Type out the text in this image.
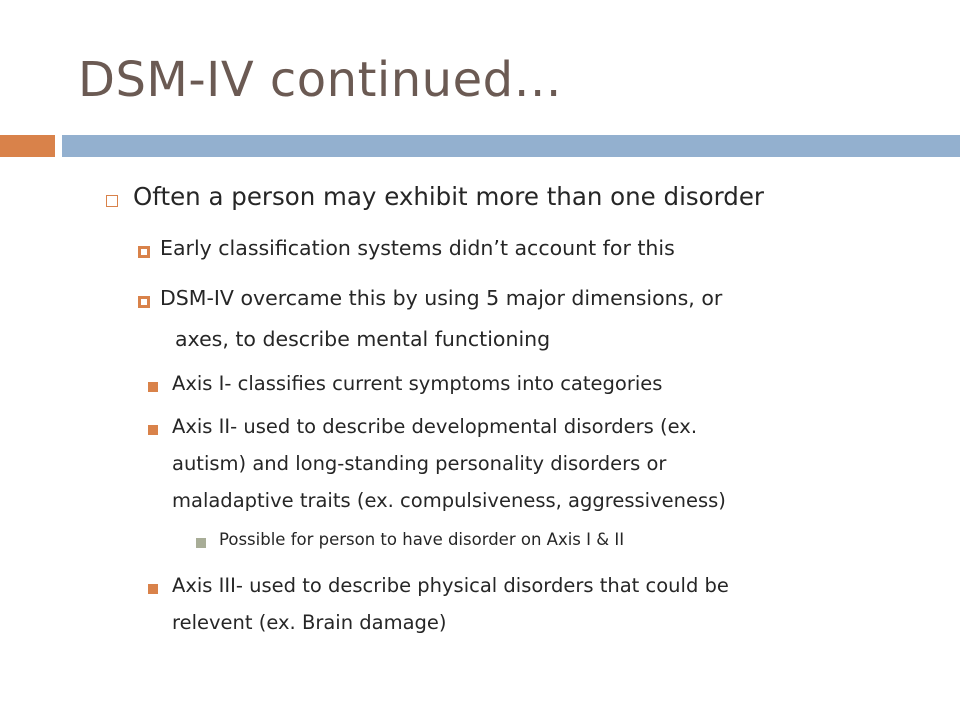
DSM-IV continued…
Often a person may exhibit more than one disorder
Early classification systems didn’t account for this
DSM-IV overcame this by using 5 major dimensions, or
axes, to describe mental functioning
Axis I- classifies current symptoms into categories
Axis II- used to describe developmental disorders (ex.
autism) and long-standing personality disorders or
maladaptive traits (ex. compulsiveness, aggressiveness)
Possible for person to have disorder on Axis I & II
Axis III- used to describe physical disorders that could be
relevent (ex. Brain damage)
